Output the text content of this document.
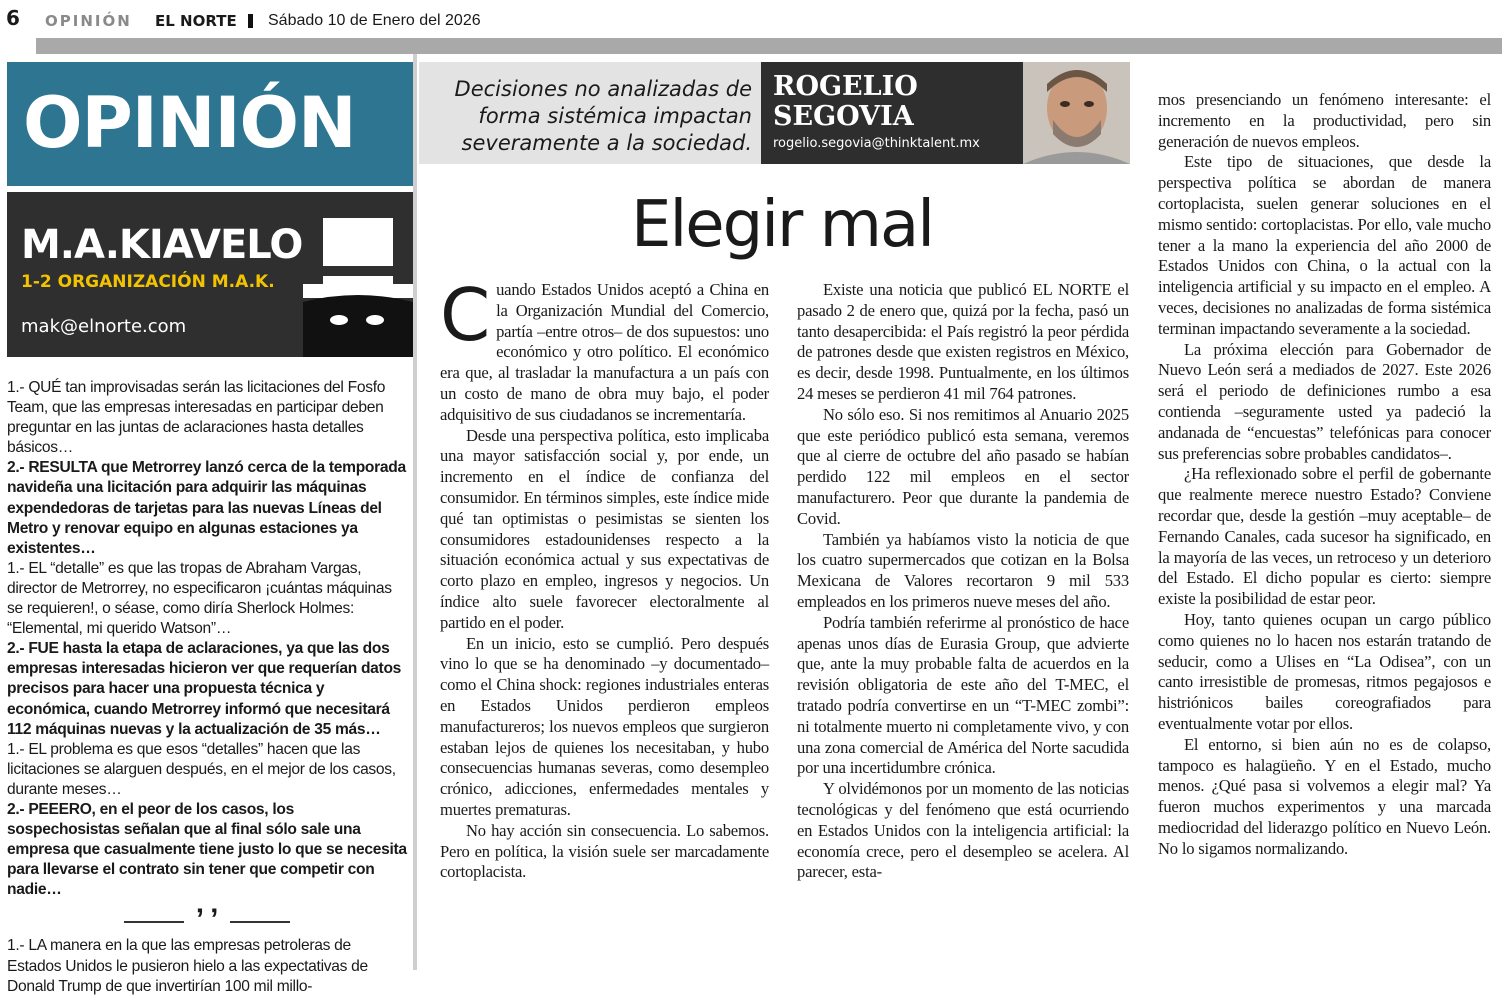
6 OPINIÓN EL NORTE Sábado 10 de Enero del 2026
OPINIÓN
M.A.KIAVELO
1-2 ORGANIZACIÓN M.A.K.
mak@elnorte.com

1.- QUÉ tan improvisadas serán las licitaciones del Fosfo Team, que las empresas interesadas en participar deben preguntar en las juntas de aclaraciones hasta detalles básicos…

2.- RESULTA que Metrorrey lanzó cerca de la temporada navideña una licitación para adquirir las máquinas expendedoras de tarjetas para las nuevas Líneas del Metro y renovar equipo en algunas estaciones ya existentes…

1.- EL “detalle” es que las tropas de Abraham Vargas, director de Metrorrey, no especificaron ¡cuántas máquinas se requieren!, o séase, como diría Sherlock Holmes: “Elemental, mi querido Watson”…

2.- FUE hasta la etapa de aclaraciones, ya que las dos empresas interesadas hicieron ver que requerían datos precisos para hacer una propuesta técnica y económica, cuando Metrorrey informó que necesitará 112 máquinas nuevas y la actualización de 35 más…

1.- EL problema es que esos “detalles” hacen que las licitaciones se alarguen después, en el mejor de los casos, durante meses…

2.- PEEERO, en el peor de los casos, los sospechosistas señalan que al final sólo sale una empresa que casualmente tiene justo lo que se necesita para llevarse el contrato sin tener que competir con nadie…

’ ’

1.- LA manera en la que las empresas petroleras de Estados Unidos le pusieron hielo a las expectativas de Donald Trump de que invertirían 100 mil millo-

Decisiones no analizadas de forma sistémica impactan severamente a la sociedad.
ROGELIO
SEGOVIA
rogelio.segovia@thinktalent.mx
Elegir mal

Cuando Estados Unidos aceptó a China en la Organización Mundial del Comercio, partía –entre otros– de dos supuestos: uno económico y otro político. El económico era que, al trasladar la manufactura a un país con un costo de mano de obra muy bajo, el poder adquisitivo de sus ciudadanos se incrementaría.

Desde una perspectiva política, esto implicaba una mayor satisfacción social y, por ende, un incremento en el índice de confianza del consumidor. En términos simples, este índice mide qué tan optimistas o pesimistas se sienten los consumidores estadounidenses respecto a la situación económica actual y sus expectativas de corto plazo en empleo, ingresos y negocios. Un índice alto suele favorecer electoralmente al partido en el poder.

En un inicio, esto se cumplió. Pero después vino lo que se ha denominado –y documentado– como el China shock: regiones industriales enteras en Estados Unidos perdieron empleos manufactureros; los nuevos empleos que surgieron estaban lejos de quienes los necesitaban, y hubo consecuencias humanas severas, como desempleo crónico, adicciones, enfermedades mentales y muertes prematuras.

No hay acción sin consecuencia. Lo sabemos. Pero en política, la visión suele ser marcadamente cortoplacista.

Existe una noticia que publicó EL NORTE el pasado 2 de enero que, quizá por la fecha, pasó un tanto desapercibida: el País registró la peor pérdida de patrones desde que existen registros en México, es decir, desde 1998. Puntualmente, en los últimos 24 meses se perdieron 41 mil 764 patrones.

No sólo eso. Si nos remitimos al Anuario 2025 que este periódico publicó esta semana, veremos que al cierre de octubre del año pasado se habían perdido 122 mil empleos en el sector manufacturero. Peor que durante la pandemia de Covid.

También ya habíamos visto la noticia de que los cuatro supermercados que cotizan en la Bolsa Mexicana de Valores recortaron 9 mil 533 empleados en los primeros nueve meses del año.

Podría también referirme al pronóstico de hace apenas unos días de Eurasia Group, que advierte que, ante la muy probable falta de acuerdos en la revisión obligatoria de este año del T-MEC, el tratado podría convertirse en un “T-MEC zombi”: ni totalmente muerto ni completamente vivo, y con una zona comercial de América del Norte sacudida por una incertidumbre crónica.

Y olvidémonos por un momento de las noticias tecnológicas y del fenómeno que está ocurriendo en Estados Unidos con la inteligencia artificial: la economía crece, pero el desempleo se acelera. Al parecer, esta-

mos presenciando un fenómeno interesante: el incremento en la productividad, pero sin generación de nuevos empleos.

Este tipo de situaciones, que desde la perspectiva política se abordan de manera cortoplacista, suelen generar soluciones en el mismo sentido: cortoplacistas. Por ello, vale mucho tener a la mano la experiencia del año 2000 de Estados Unidos con China, o la actual con la inteligencia artificial y su impacto en el empleo. A veces, decisiones no analizadas de forma sistémica terminan impactando severamente a la sociedad.

La próxima elección para Gobernador de Nuevo León será a mediados de 2027. Este 2026 será el periodo de definiciones rumbo a esa contienda –seguramente usted ya padeció la andanada de “encuestas” telefónicas para conocer sus preferencias sobre probables candidatos–.

¿Ha reflexionado sobre el perfil de gobernante que realmente merece nuestro Estado? Conviene recordar que, desde la gestión –muy aceptable– de Fernando Canales, cada sucesor ha significado, en la mayoría de las veces, un retroceso y un deterioro del Estado. El dicho popular es cierto: siempre existe la posibilidad de estar peor.

Hoy, tanto quienes ocupan un cargo público como quienes no lo hacen nos estarán tratando de seducir, como a Ulises en “La Odisea”, con un canto irresistible de promesas, ritmos pegajosos e histriónicos bailes coreografiados para eventualmente votar por ellos.

El entorno, si bien aún no es de colapso, tampoco es halagüeño. Y en el Estado, mucho menos. ¿Qué pasa si volvemos a elegir mal? Ya fueron muchos experimentos y una marcada mediocridad del liderazgo político en Nuevo León. No lo sigamos normalizando.
